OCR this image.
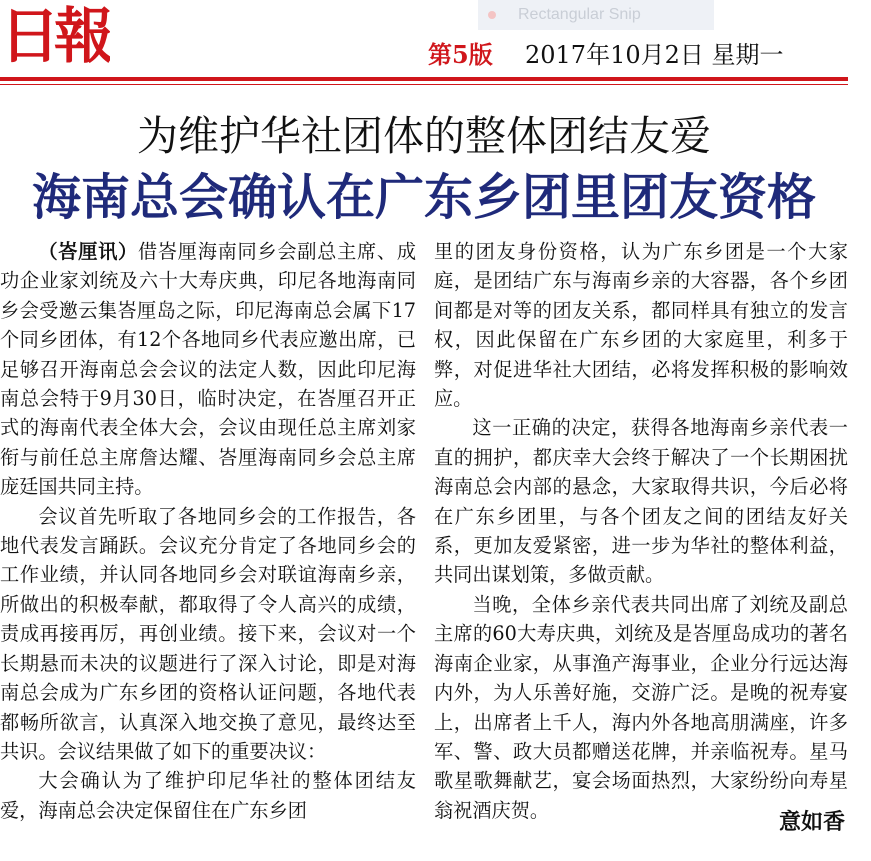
日報	Rectangular Snip
第5版 2017年10月2日 星期一
为维护华社团体的整体团结友爱
海南总会确认在广东乡团里团友资格

（峇厘讯）借峇厘海南同乡会副总主席、成功企业家刘统及六十大寿庆典，印尼各地海南同乡会受邀云集峇厘岛之际，印尼海南总会属下17个同乡团体，有12个各地同乡代表应邀出席，已足够召开海南总会会议的法定人数，因此印尼海南总会特于9月30日，临时决定，在峇厘召开正式的海南代表全体大会，会议由现任总主席刘家衔与前任总主席詹达耀、峇厘海南同乡会总主席庞廷国共同主持。

会议首先听取了各地同乡会的工作报告，各地代表发言踊跃。会议充分肯定了各地同乡会的工作业绩，并认同各地同乡会对联谊海南乡亲，所做出的积极奉献，都取得了令人高兴的成绩，责成再接再厉，再创业绩。接下来，会议对一个长期悬而未决的议题进行了深入讨论，即是对海南总会成为广东乡团的资格认证问题，各地代表都畅所欲言，认真深入地交换了意见，最终达至共识。会议结果做了如下的重要决议：

大会确认为了维护印尼华社的整体团结友爱，海南总会决定保留住在广东乡团

里的团友身份资格，认为广东乡团是一个大家庭，是团结广东与海南乡亲的大容器，各个乡团间都是对等的团友关系，都同样具有独立的发言权，因此保留在广东乡团的大家庭里，利多于弊，对促进华社大团结，必将发挥积极的影响效应。

这一正确的决定，获得各地海南乡亲代表一直的拥护，都庆幸大会终于解决了一个长期困扰海南总会内部的悬念，大家取得共识，今后必将在广东乡团里，与各个团友之间的团结友好关系，更加友爱紧密，进一步为华社的整体利益，共同出谋划策，多做贡献。

当晚，全体乡亲代表共同出席了刘统及副总主席的60大寿庆典，刘统及是峇厘岛成功的著名海南企业家，从事渔产海事业，企业分行远达海内外，为人乐善好施，交游广泛。是晚的祝寿宴上，出席者上千人，海内外各地高朋满座，许多军、警、政大员都赠送花牌，并亲临祝寿。星马歌星歌舞献艺，宴会场面热烈，大家纷纷向寿星翁祝酒庆贺。	意如香
